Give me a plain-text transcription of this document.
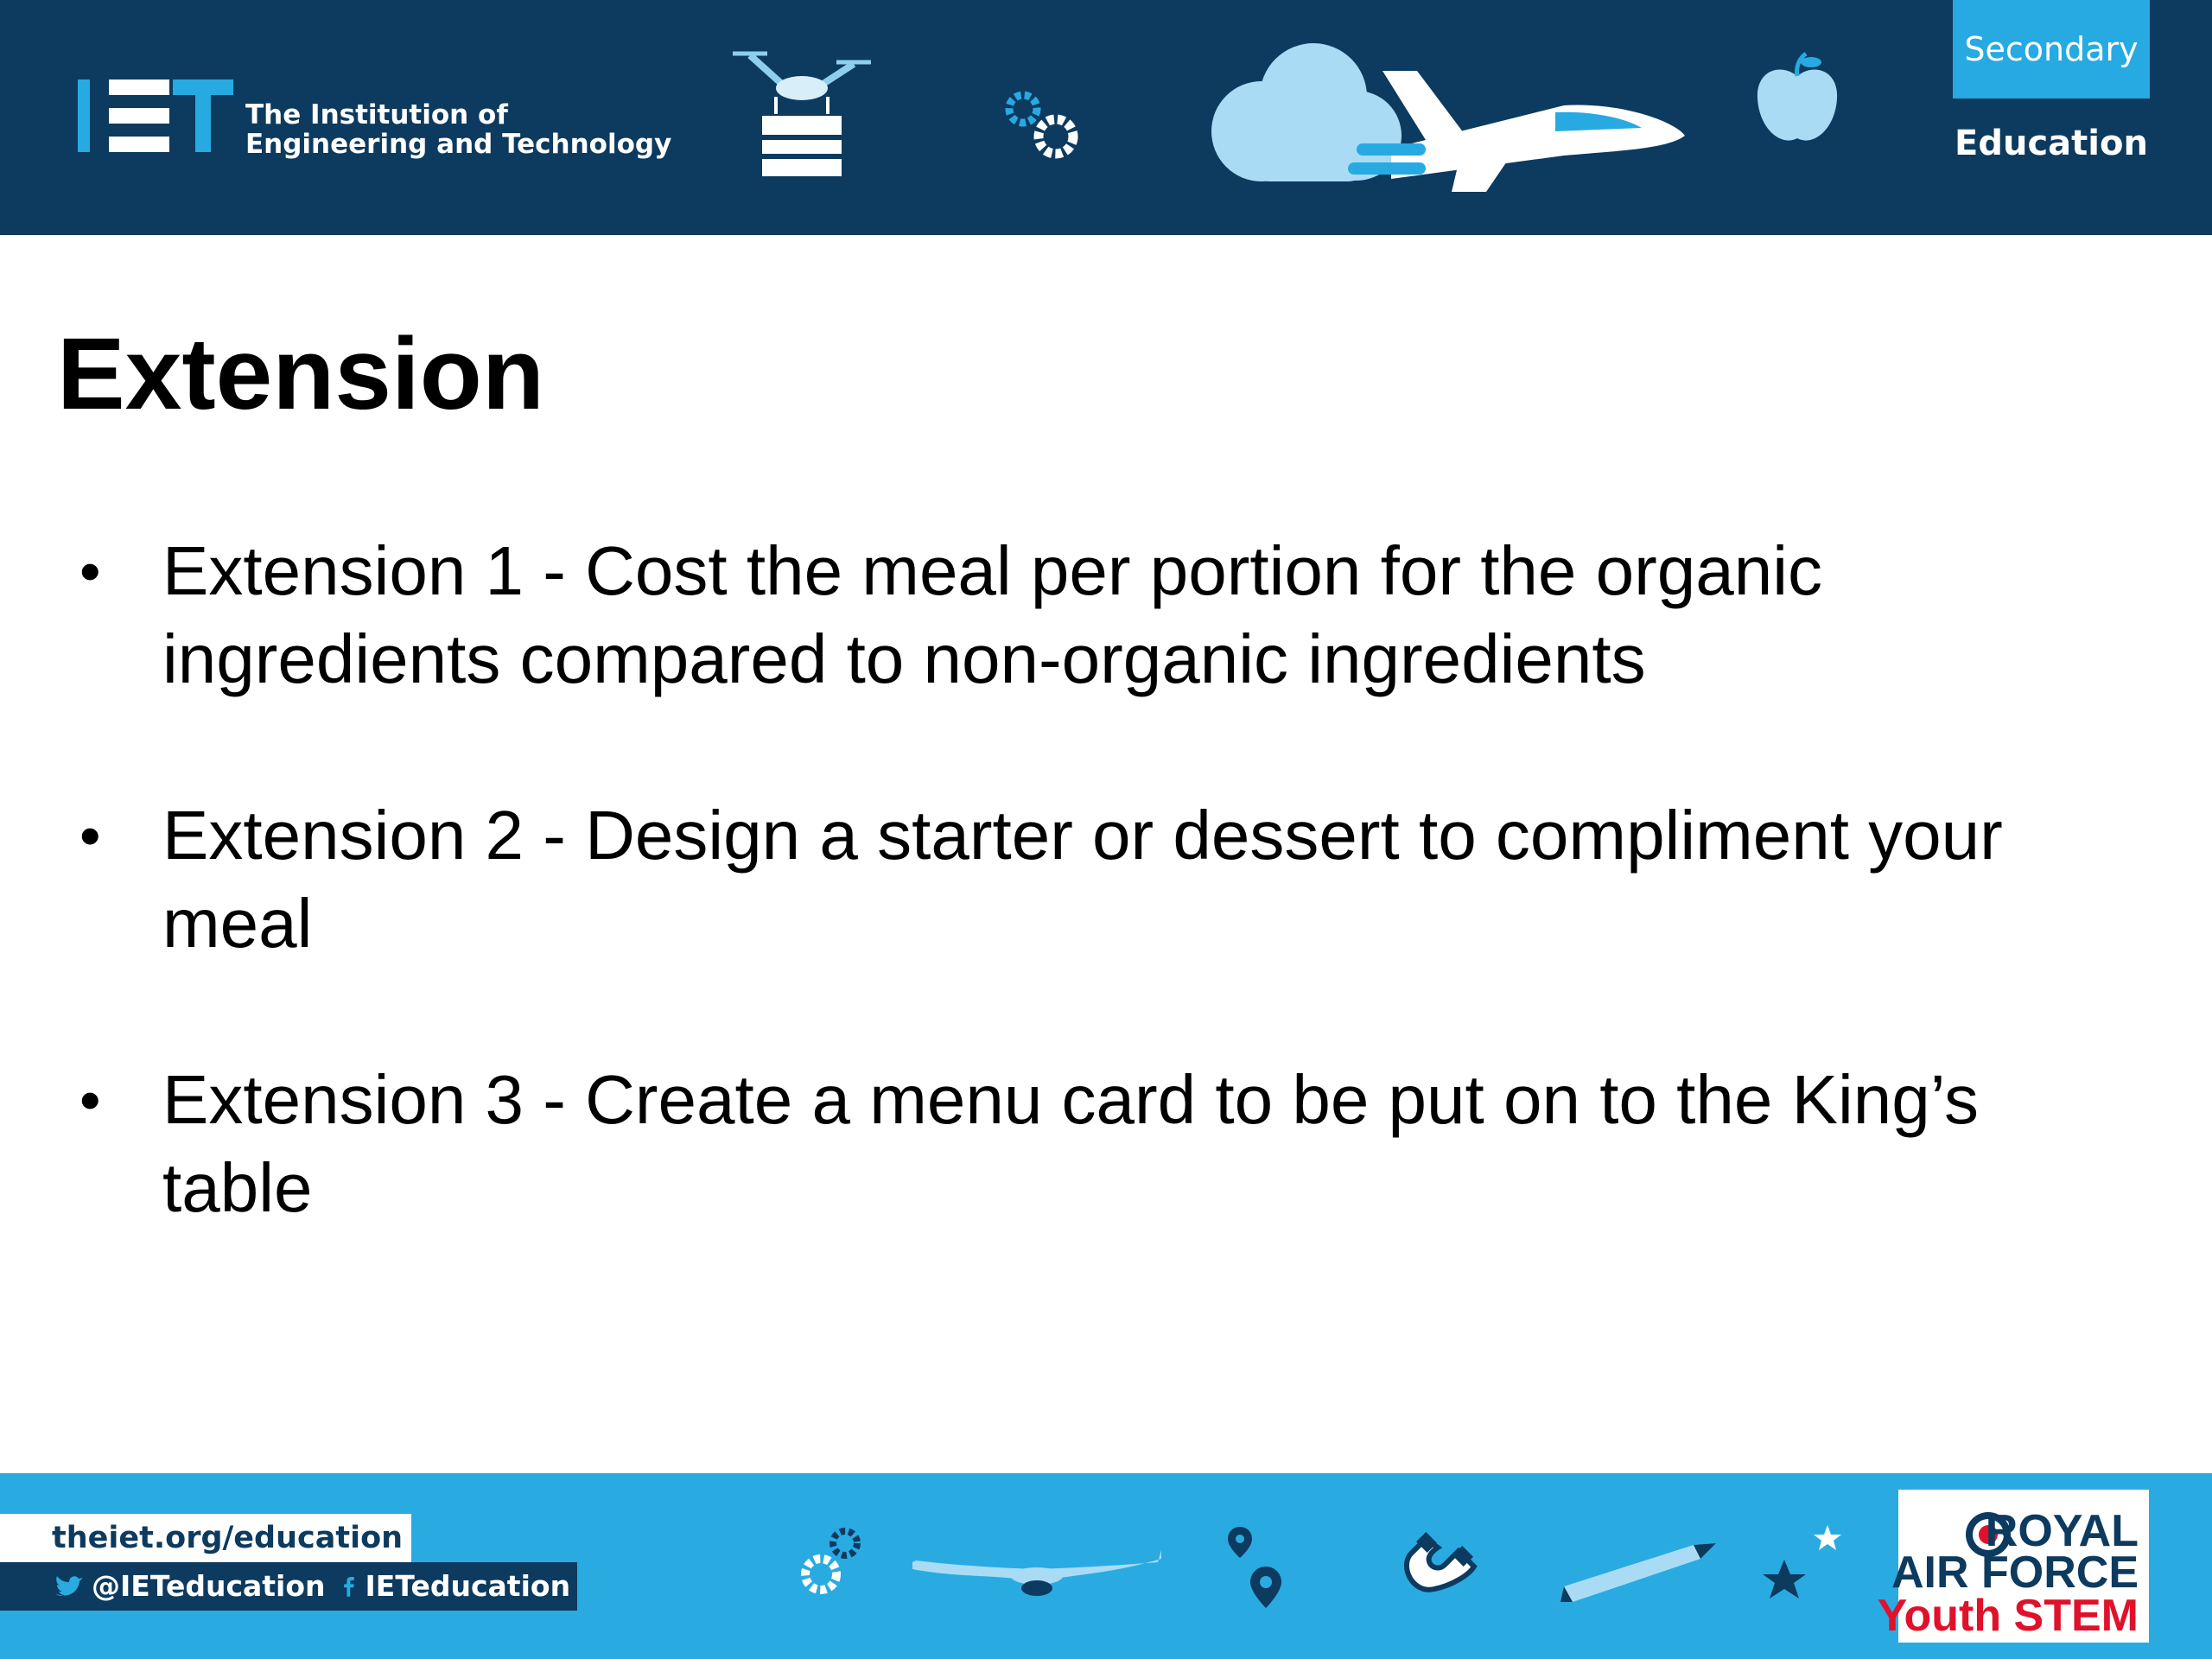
The Institution of
Engineering and Technology
Secondary
Education
Extension
• Extension 1 - Cost the meal per portion for the organic ingredients compared to non-organic ingredients
• Extension 2 - Design a starter or dessert to compliment your meal
• Extension 3 - Create a menu card to be put on to the King’s table
theiet.org/education
@IETeducation IETeducation
ROYAL
AIR FORCE
Youth STEM
